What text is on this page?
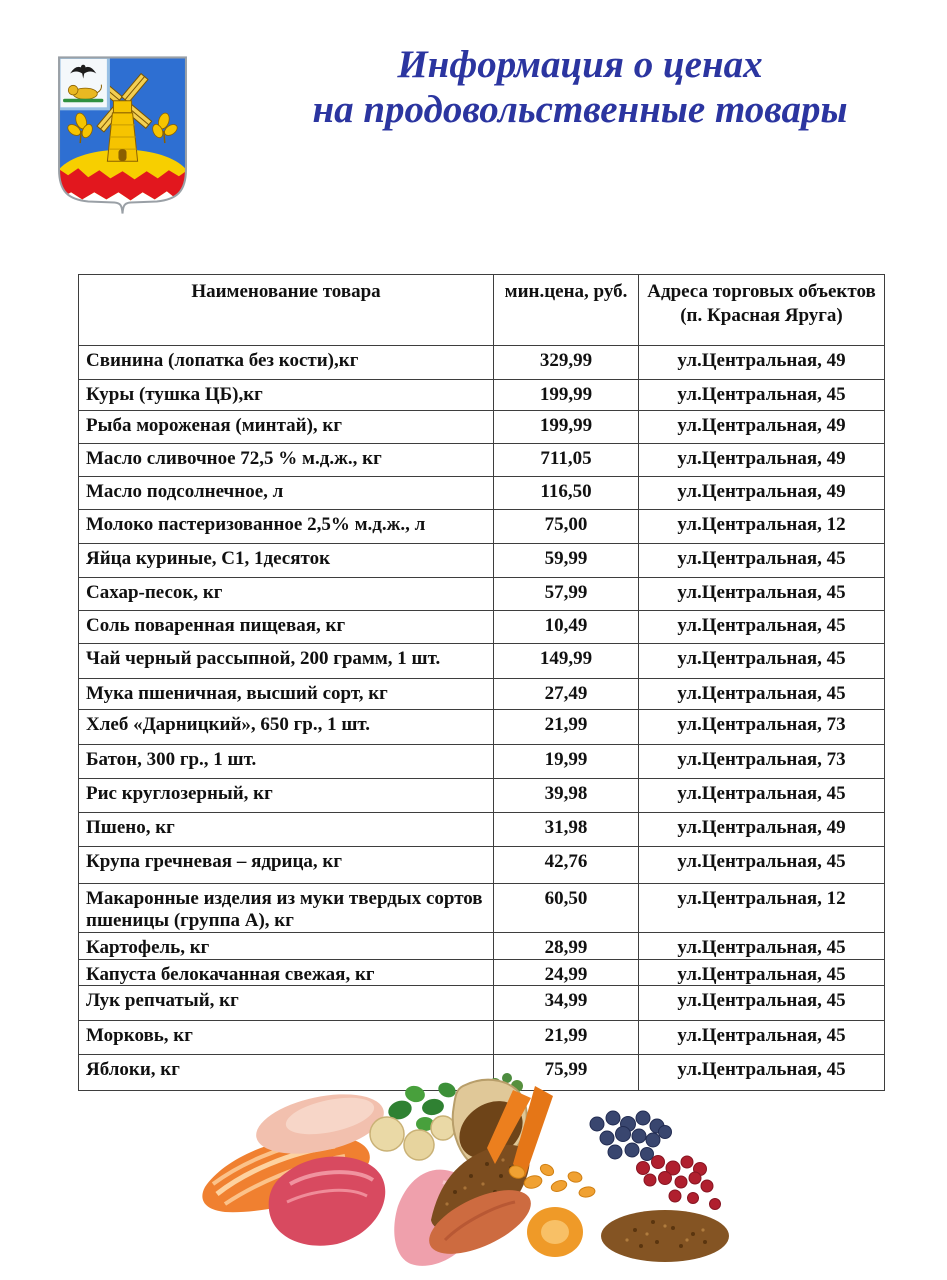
Информация о ценах
на продовольственные товары
Наименование товара	мин.цена, руб.	Адреса торговых объектов
(п. Красная Яруга)

Свинина (лопатка без кости),кг	329,99	ул.Центральная, 49
Куры (тушка ЦБ),кг	199,99	ул.Центральная, 45
Рыба мороженая (минтай), кг	199,99	ул.Центральная, 49
Масло сливочное 72,5 % м.д.ж., кг	711,05	ул.Центральная, 49
Масло подсолнечное, л	116,50	ул.Центральная, 49
Молоко пастеризованное 2,5% м.д.ж., л	75,00	ул.Центральная, 12
Яйца куриные, С1, 1десяток	59,99	ул.Центральная, 45
Сахар-песок, кг	57,99	ул.Центральная, 45
Соль поваренная пищевая, кг	10,49	ул.Центральная, 45
Чай черный рассыпной, 200 грамм, 1 шт.	149,99	ул.Центральная, 45
Мука пшеничная, высший сорт, кг	27,49	ул.Центральная, 45
Хлеб «Дарницкий», 650 гр., 1 шт.	21,99	ул.Центральная, 73
Батон, 300 гр., 1 шт.	19,99	ул.Центральная, 73
Рис круглозерный, кг	39,98	ул.Центральная, 45
Пшено, кг	31,98	ул.Центральная, 49
Крупа гречневая – ядрица, кг	42,76	ул.Центральная, 45
Макаронные изделия из муки твердых сортов пшеницы (группа А), кг	60,50	ул.Центральная, 12
Картофель, кг	28,99	ул.Центральная, 45
Капуста белокачанная свежая, кг	24,99	ул.Центральная, 45
Лук репчатый, кг	34,99	ул.Центральная, 45
Морковь, кг	21,99	ул.Центральная, 45
Яблоки, кг	75,99	ул.Центральная, 45
